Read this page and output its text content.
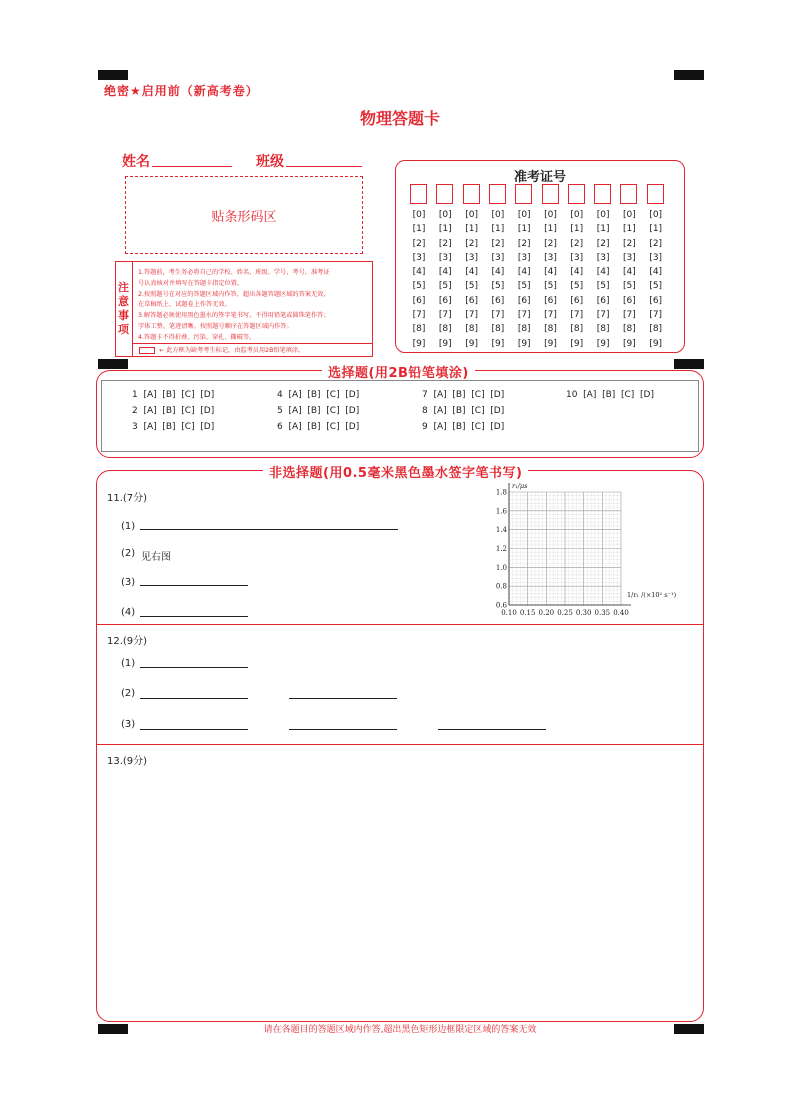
绝密★启用前（新高考卷）
物理答题卡
姓名	班级
贴条形码区
准考证号
[0]
[1]
[2]
[3]
[4]
[5]
[6]
[7]
[8]
[9]
[0]
[1]
[2]
[3]
[4]
[5]
[6]
[7]
[8]
[9]
[0]
[1]
[2]
[3]
[4]
[5]
[6]
[7]
[8]
[9]
[0]
[1]
[2]
[3]
[4]
[5]
[6]
[7]
[8]
[9]
[0]
[1]
[2]
[3]
[4]
[5]
[6]
[7]
[8]
[9]
[0]
[1]
[2]
[3]
[4]
[5]
[6]
[7]
[8]
[9]
[0]
[1]
[2]
[3]
[4]
[5]
[6]
[7]
[8]
[9]
[0]
[1]
[2]
[3]
[4]
[5]
[6]
[7]
[8]
[9]
[0]
[1]
[2]
[3]
[4]
[5]
[6]
[7]
[8]
[9]
[0]
[1]
[2]
[3]
[4]
[5]
[6]
[7]
[8]
[9]
注
意
事
项
1.答题前，考生务必将自己的学校、姓名、班级、学号、考号、准考证
号认真核对并填写在答题卡指定位置。
2.按照题号在对应的答题区域内作答，超出各题答题区域的答案无效，
在草稿纸上、试题卷上作答无效。
3.解答题必须使用黑色墨水的签字笔书写，不得用铅笔或圆珠笔作答；
字体工整、笔迹清晰。按照题号顺序在答题区域内作答。
4.答题卡不得折叠、污染、穿孔、撕破等。
← 此方框为缺考考生标记，由监考员用2B铅笔填涂。
选择题(用2B铅笔填涂)
1  [A]  [B]  [C]  [D]
2  [A]  [B]  [C]  [D]
3  [A]  [B]  [C]  [D]
4  [A]  [B]  [C]  [D]
5  [A]  [B]  [C]  [D]
6  [A]  [B]  [C]  [D]
7  [A]  [B]  [C]  [D]
8  [A]  [B]  [C]  [D]
9  [A]  [B]  [C]  [D]
10  [A]  [B]  [C]  [D]
非选择题(用0.5毫米黑色墨水签字笔书写)
11.(7分)
(1)
(2) 见右图
(3)
(4)
0.6
0.8
1.0
1.2
1.4
1.6
1.8
0.10 0.15 0.20 0.25 0.30 0.35 0.40
r₁/μs
1/r₁ /(×10² s⁻¹)
12.(9分)
(1)
(2)
(3)
13.(9分)
请在各题目的答题区域内作答,超出黑色矩形边框限定区域的答案无效
